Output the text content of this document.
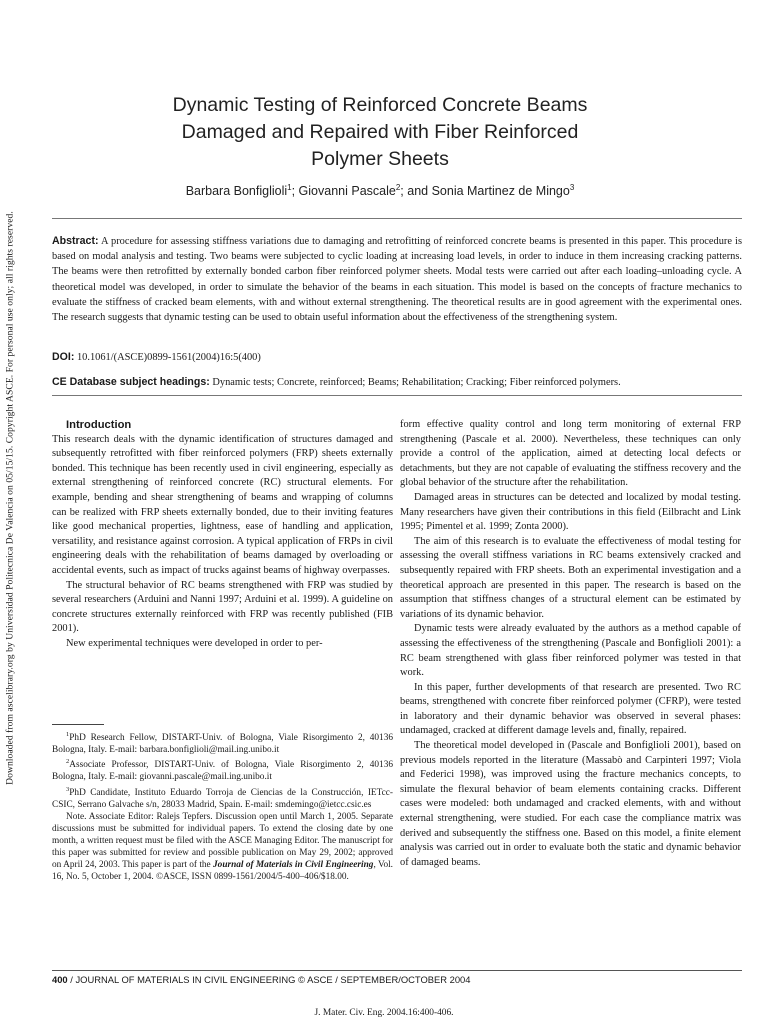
Downloaded from ascelibrary.org by Universidad Politecnica De Valencia on 05/15/15. Copyright ASCE. For personal use only; all rights reserved.
Dynamic Testing of Reinforced Concrete Beams
Damaged and Repaired with Fiber Reinforced
Polymer Sheets
Barbara Bonfiglioli$^1$; Giovanni Pascale$^2$; and Sonia Martinez de Mingo$^3$

Abstract: A procedure for assessing stiffness variations due to damaging and retrofitting of reinforced concrete beams is presented in this paper. This procedure is based on modal analysis and testing. Two beams were subjected to cyclic loading at increasing load levels, in order to induce in them increasing cracking patterns. The beams were then retrofitted by externally bonded carbon fiber reinforced polymer sheets. Modal tests were carried out after each loading–unloading cycle. A theoretical model was developed, in order to simulate the behavior of the beams in each situation. This model is based on the concepts of fracture mechanics to evaluate the stiffness of cracked beam elements, with and without external strengthening. The theoretical results are in good agreement with the experimental ones. The research suggests that dynamic testing can be used to obtain useful information about the effectiveness of the strengthening system.

DOI: 10.1061/(ASCE)0899-1561(2004)16:5(400)
CE Database subject headings: Dynamic tests; Concrete, reinforced; Beams; Rehabilitation; Cracking; Fiber reinforced polymers.

Introduction

This research deals with the dynamic identification of structures damaged and subsequently retrofitted with fiber reinforced polymers (FRP) sheets externally bonded. This technique has been recently used in civil engineering, especially as external strengthening of reinforced concrete (RC) structural elements. For example, bending and shear strengthening of beams and wrapping of columns can be realized with FRP sheets externally bonded, due to their inviting features like good mechanical properties, lightness, ease of handling and application, versatility, and resistance against corrosion. A typical application of FRPs in civil engineering deals with the rehabilitation of beams damaged by overloading or accidental events, such as impact of trucks against beams of highway overpasses.

The structural behavior of RC beams strengthened with FRP was studied by several researchers (Arduini and Nanni 1997; Arduini et al. 1999). A guideline on concrete structures externally reinforced with FRP was recently published (FIB 2001).

New experimental techniques were developed in order to per-

$^1$PhD Research Fellow, DISTART-Univ. of Bologna, Viale Risorgimento 2, 40136 Bologna, Italy. E-mail: barbara.bonfiglioli@mail.ing.unibo.it

$^2$Associate Professor, DISTART-Univ. of Bologna, Viale Risorgimento 2, 40136 Bologna, Italy. E-mail: giovanni.pascale@mail.ing.unibo.it

$^3$PhD Candidate, Instituto Eduardo Torroja de Ciencias de la Construcción, IETcc-CSIC, Serrano Galvache s/n, 28033 Madrid, Spain. E-mail: smdemingo@ietcc.csic.es

Note. Associate Editor: Ralejs Tepfers. Discussion open until March 1, 2005. Separate discussions must be submitted for individual papers. To extend the closing date by one month, a written request must be filed with the ASCE Managing Editor. The manuscript for this paper was submitted for review and possible publication on May 29, 2002; approved on April 24, 2003. This paper is part of the Journal of Materials in Civil Engineering, Vol. 16, No. 5, October 1, 2004. ©ASCE, ISSN 0899-1561/2004/5-400–406/$18.00.

form effective quality control and long term monitoring of external FRP strengthening (Pascale et al. 2000). Nevertheless, these techniques can only provide a control of the application, aimed at detecting local defects or detachments, but they are not capable of evaluating the stiffness recovery and the global behavior of the structure after the rehabilitation.

Damaged areas in structures can be detected and localized by modal testing. Many researchers have given their contributions in this field (Eilbracht and Link 1995; Pimentel et al. 1999; Zonta 2000).

The aim of this research is to evaluate the effectiveness of modal testing for assessing the overall stiffness variations in RC beams extensively cracked and subsequently repaired with FRP sheets. Both an experimental investigation and a theoretical approach are presented in this paper. The research is based on the assumption that stiffness changes of a structural element can be estimated by variations of its dynamic behavior.

Dynamic tests were already evaluated by the authors as a method capable of assessing the effectiveness of the strengthening (Pascale and Bonfiglioli 2001): a RC beam strengthened with glass fiber reinforced polymer was tested in that work.

In this paper, further developments of that research are presented. Two RC beams, strengthened with concrete fiber reinforced polymer (CFRP), were tested in laboratory and their dynamic behavior was observed in several phases: undamaged, cracked at different damage levels and, finally, repaired.

The theoretical model developed in (Pascale and Bonfiglioli 2001), based on previous models reported in the literature (Massabò and Carpinteri 1997; Viola and Federici 1998), was improved using the fracture mechanics concepts, to simulate the flexural behavior of beam elements containing cracks. Different cases were modeled: both undamaged and cracked elements, with and without external strengthening, were studied. For each case the compliance matrix was derived and subsequently the stiffness one. Based on this model, a finite element analysis was carried out in order to evaluate both the static and dynamic behavior of damaged beams.

400 / JOURNAL OF MATERIALS IN CIVIL ENGINEERING © ASCE / SEPTEMBER/OCTOBER 2004
J. Mater. Civ. Eng. 2004.16:400-406.
